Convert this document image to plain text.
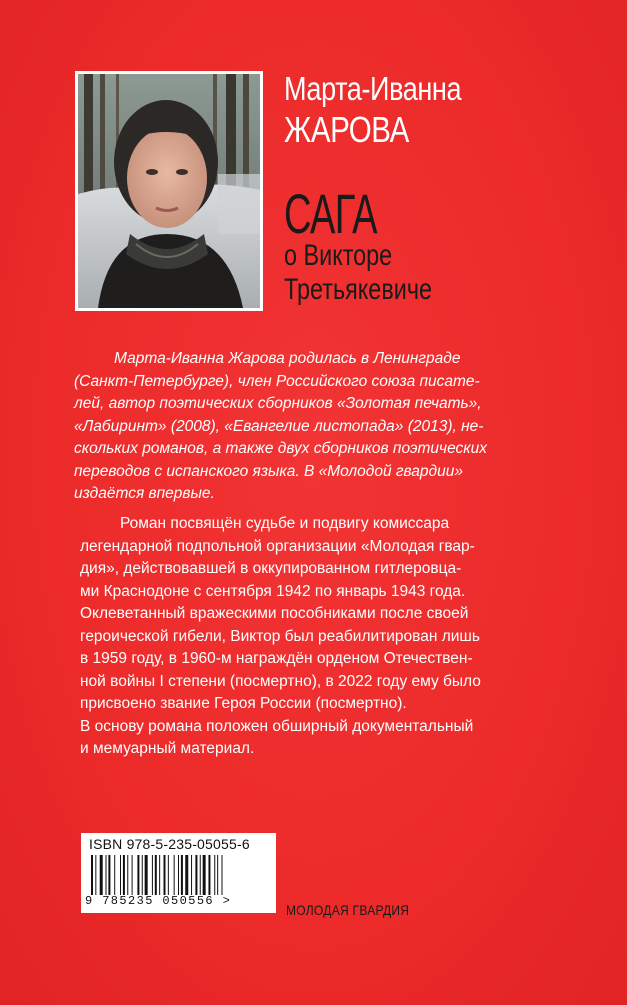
Марта-Иванна
ЖАРОВА
САГА
о Викторе
Третьякевиче
Марта-Иванна Жарова родилась в Ленинграде
(Санкт-Петербурге), член Российского союза писате-
лей, автор поэтических сборников «Золотая печать»,
«Лабиринт» (2008), «Евангелие листопада» (2013), не-
скольких романов, а также двух сборников поэтических
переводов с испанского языка. В «Молодой гвардии»
издаётся впервые.
Роман посвящён судьбе и подвигу комиссара
легендарной подпольной организации «Молодая гвар-
дия», действовавшей в оккупированном гитлеровца-
ми Краснодоне с сентября 1942 по январь 1943 года.
Оклеветанный вражескими пособниками после своей
героической гибели, Виктор был реабилитирован лишь
в 1959 году, в 1960-м награждён орденом Отечествен-
ной войны I степени (посмертно), в 2022 году ему было
присвоено звание Героя России (посмертно).
В основу романа положен обширный документальный
и мемуарный материал.
ISBN 978-5-235-05055-6
9 785235 050556 >
МОЛОДАЯ ГВАРДИЯ
